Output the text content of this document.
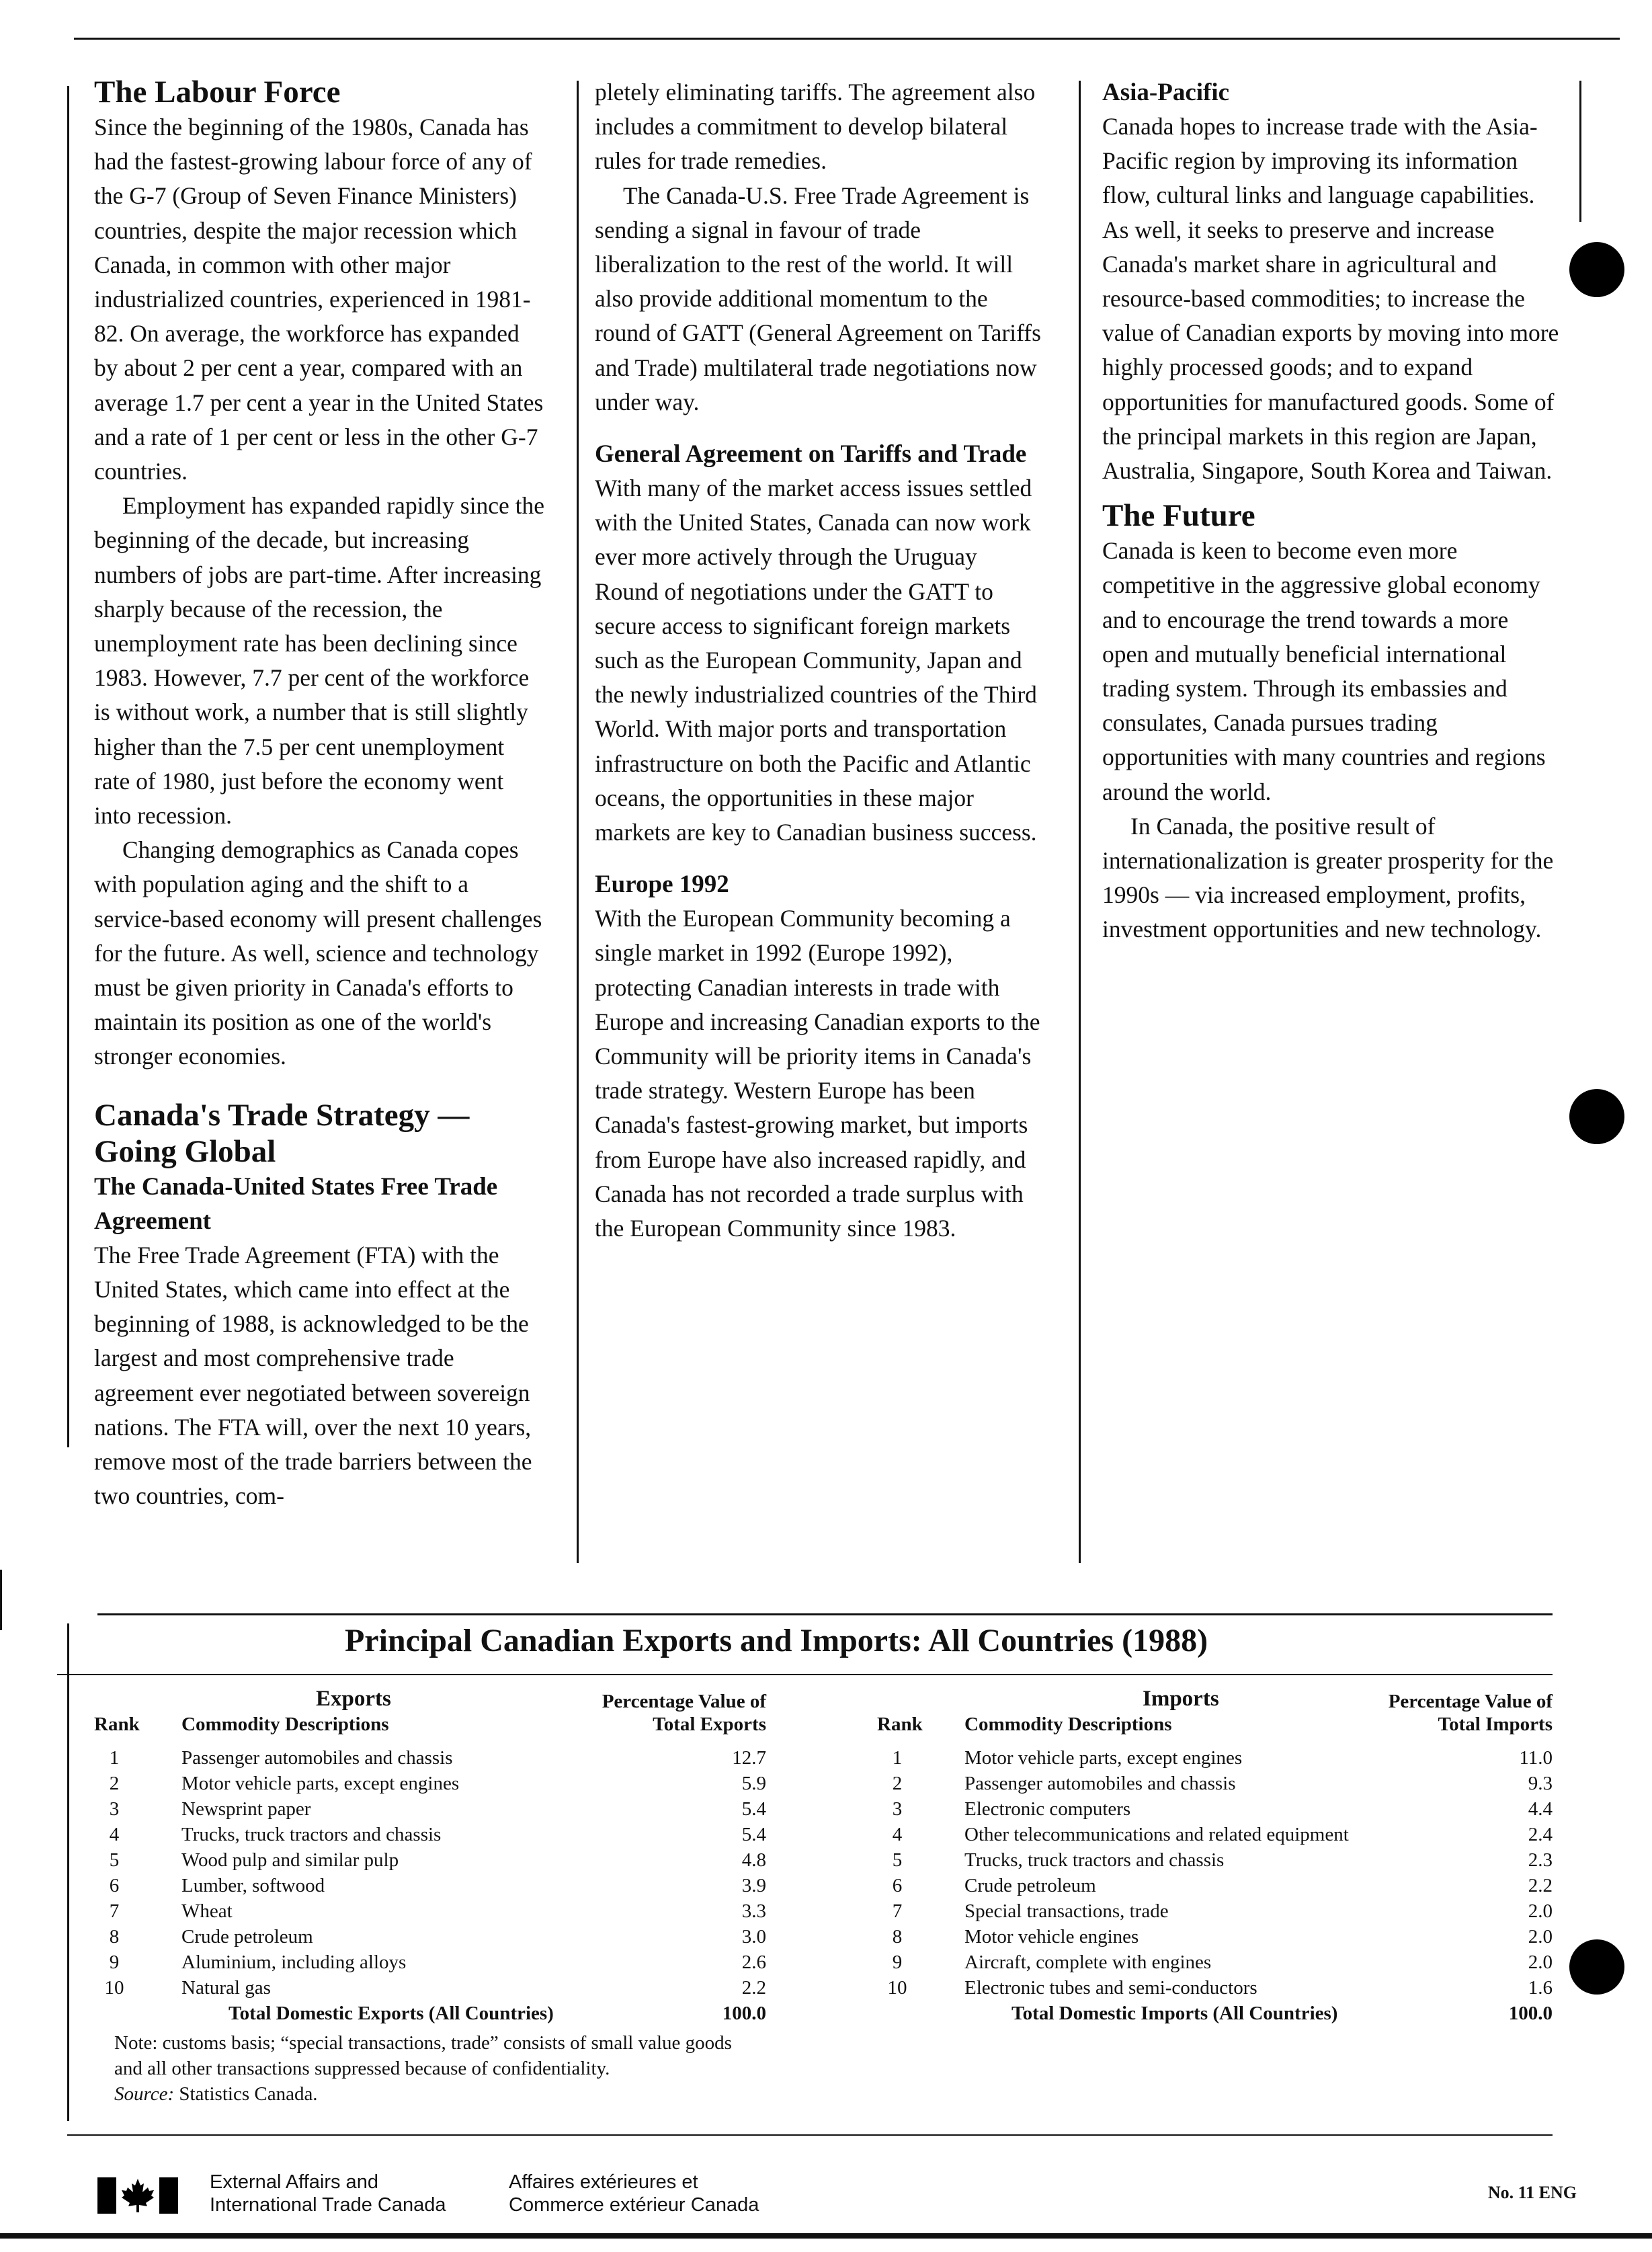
The Labour Force

Since the beginning of the 1980s, Canada has had the fastest-growing labour force of any of the G-7 (Group of Seven Finance Ministers) countries, despite the major recession which Canada, in common with other major industrialized countries, experienced in 1981-82. On average, the workforce has expanded by about 2 per cent a year, compared with an average 1.7 per cent a year in the United States and a rate of 1 per cent or less in the other G-7 countries.

Employment has expanded rapidly since the beginning of the decade, but increasing numbers of jobs are part-time. After increasing sharply because of the recession, the unemployment rate has been declining since 1983. However, 7.7 per cent of the workforce is without work, a number that is still slightly higher than the 7.5 per cent unemployment rate of 1980, just before the economy went into recession.

Changing demographics as Canada copes with population aging and the shift to a service-based economy will present challenges for the future. As well, science and technology must be given priority in Canada's efforts to maintain its position as one of the world's stronger economies.

Canada's Trade Strategy — Going Global
The Canada-United States Free Trade Agreement

The Free Trade Agreement (FTA) with the United States, which came into effect at the beginning of 1988, is acknowledged to be the largest and most comprehensive trade agreement ever negotiated between sovereign nations. The FTA will, over the next 10 years, remove most of the trade barriers between the two countries, com-

pletely eliminating tariffs. The agreement also includes a commitment to develop bilateral rules for trade remedies.

The Canada-U.S. Free Trade Agreement is sending a signal in favour of trade liberalization to the rest of the world. It will also provide additional momentum to the round of GATT (General Agreement on Tariffs and Trade) multilateral trade negotiations now under way.

General Agreement on Tariffs and Trade

With many of the market access issues settled with the United States, Canada can now work ever more actively through the Uruguay Round of negotiations under the GATT to secure access to significant foreign markets such as the European Community, Japan and the newly industrialized countries of the Third World. With major ports and transportation infrastructure on both the Pacific and Atlantic oceans, the opportunities in these major markets are key to Canadian business success.

Europe 1992

With the European Community becoming a single market in 1992 (Europe 1992), protecting Canadian interests in trade with Europe and increasing Canadian exports to the Community will be priority items in Canada's trade strategy. Western Europe has been Canada's fastest-growing market, but imports from Europe have also increased rapidly, and Canada has not recorded a trade surplus with the European Community since 1983.

Asia-Pacific

Canada hopes to increase trade with the Asia-Pacific region by improving its information flow, cultural links and language capabilities. As well, it seeks to preserve and increase Canada's market share in agricultural and resource-based commodities; to increase the value of Canadian exports by moving into more highly processed goods; and to expand opportunities for manufactured goods. Some of the principal markets in this region are Japan, Australia, Singapore, South Korea and Taiwan.

The Future

Canada is keen to become even more competitive in the aggressive global economy and to encourage the trend towards a more open and mutually beneficial international trading system. Through its embassies and consulates, Canada pursues trading opportunities with many countries and regions around the world.

In Canada, the positive result of internationalization is greater prosperity for the 1990s — via increased employment, profits, investment opportunities and new technology.

Principal Canadian Exports and Imports: All Countries (1988)
Exports	Percentage Value of
Rank Commodity Descriptions	Total Exports
1	Passenger automobiles and chassis	12.7
2	Motor vehicle parts, except engines	5.9
3	Newsprint paper	5.4
4	Trucks, truck tractors and chassis	5.4
5	Wood pulp and similar pulp	4.8
6	Lumber, softwood	3.9
7	Wheat	3.3
8	Crude petroleum	3.0
9	Aluminium, including alloys	2.6
10	Natural gas	2.2
Total Domestic Exports (All Countries)	100.0
Imports	Percentage Value of
Rank Commodity Descriptions	Total Imports
1	Motor vehicle parts, except engines	11.0
2	Passenger automobiles and chassis	9.3
3	Electronic computers	4.4
4	Other telecommunications and related equipment	2.4
5	Trucks, truck tractors and chassis	2.3
6	Crude petroleum	2.2
7	Special transactions, trade	2.0
8	Motor vehicle engines	2.0
9	Aircraft, complete with engines	2.0
10	Electronic tubes and semi-conductors	1.6
Total Domestic Imports (All Countries)	100.0
Note: customs basis; “special transactions, trade” consists of small value goods
and all other transactions suppressed because of confidentiality.
Source: Statistics Canada.
External Affairs and
International Trade Canada
Affaires extérieures et
Commerce extérieur Canada
No. 11 ENG
